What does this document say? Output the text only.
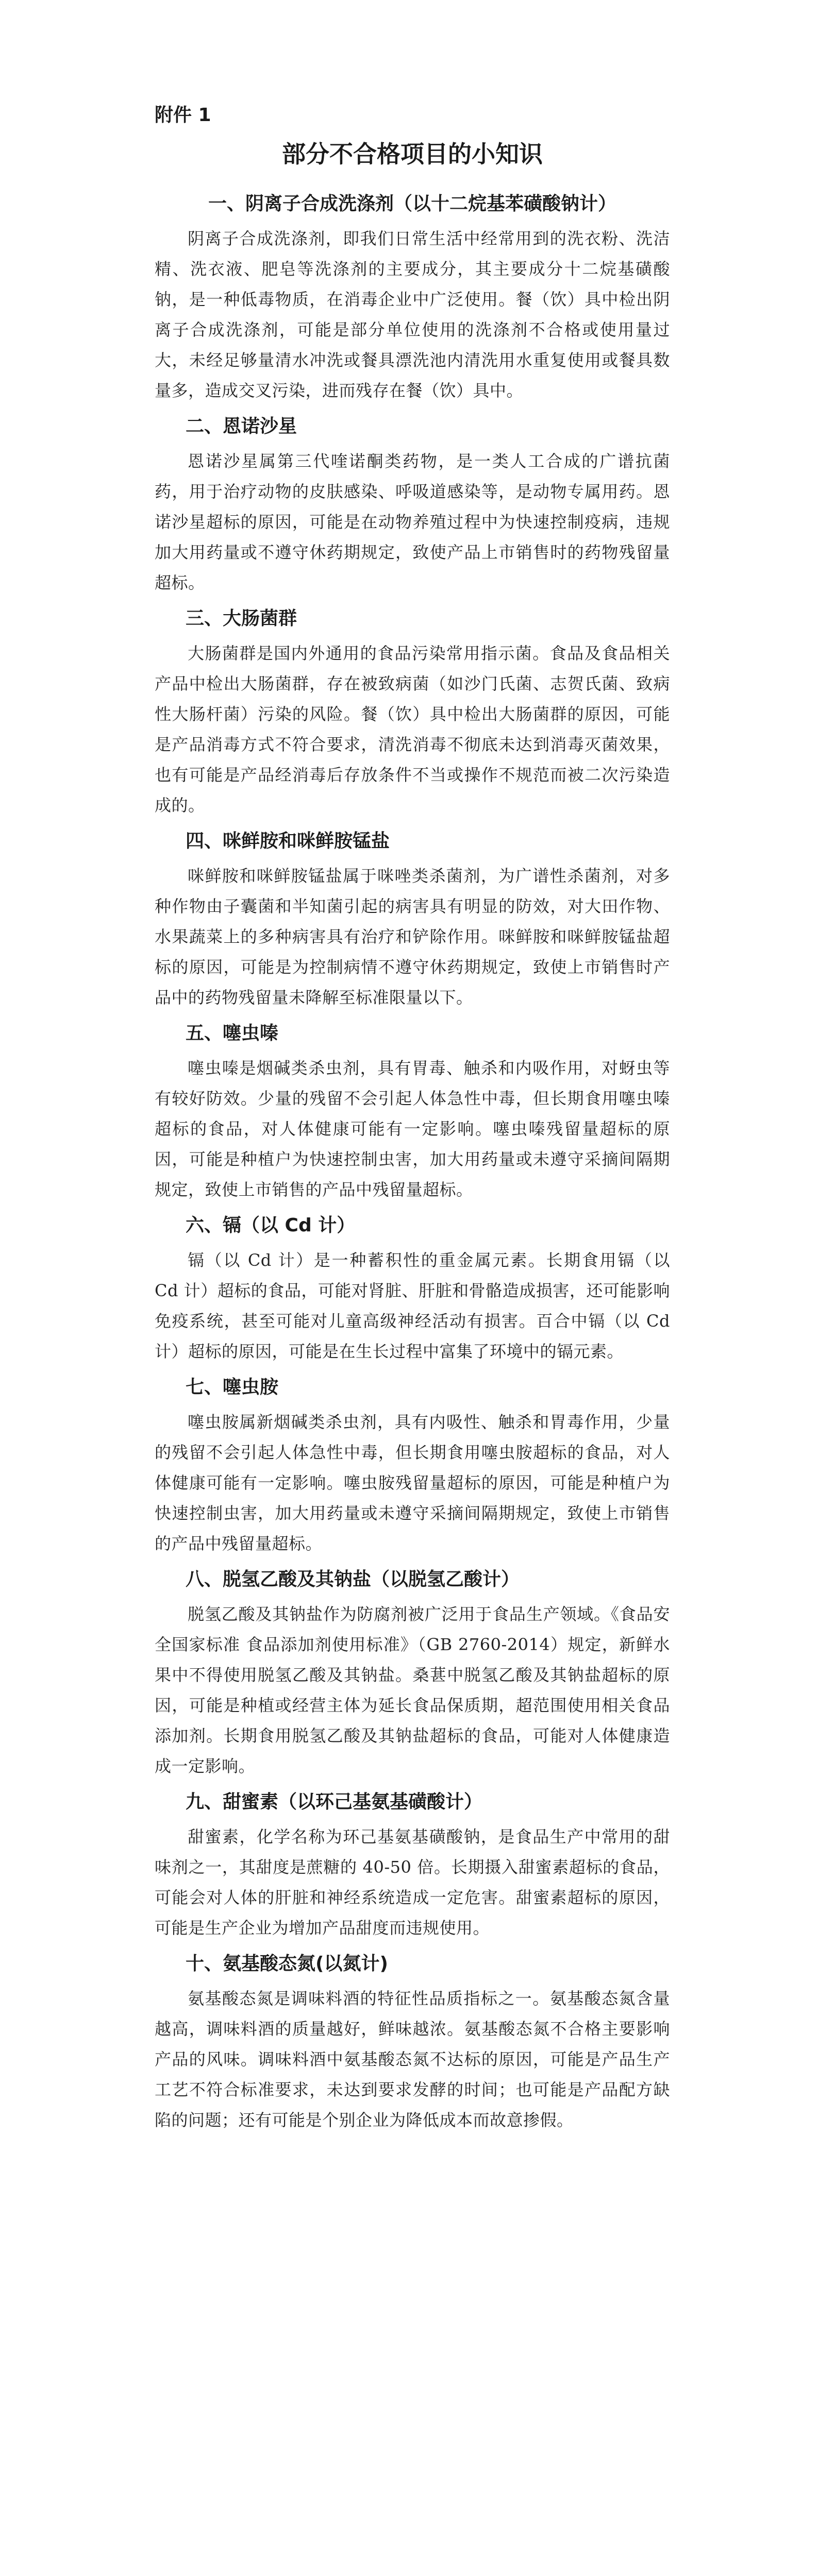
附件 1
部分不合格项目的小知识
一、阴离子合成洗涤剂（以十二烷基苯磺酸钠计）

阴离子合成洗涤剂，即我们日常生活中经常用到的洗衣粉、洗洁精、洗衣液、肥皂等洗涤剂的主要成分，其主要成分十二烷基磺酸钠，是一种低毒物质，在消毒企业中广泛使用。餐（饮）具中检出阴离子合成洗涤剂，可能是部分单位使用的洗涤剂不合格或使用量过大，未经足够量清水冲洗或餐具漂洗池内清洗用水重复使用或餐具数量多，造成交叉污染，进而残存在餐（饮）具中。

二、恩诺沙星

恩诺沙星属第三代喹诺酮类药物，是一类人工合成的广谱抗菌药，用于治疗动物的皮肤感染、呼吸道感染等，是动物专属用药。恩诺沙星超标的原因，可能是在动物养殖过程中为快速控制疫病，违规加大用药量或不遵守休药期规定，致使产品上市销售时的药物残留量超标。

三、大肠菌群

大肠菌群是国内外通用的食品污染常用指示菌。食品及食品相关产品中检出大肠菌群，存在被致病菌（如沙门氏菌、志贺氏菌、致病性大肠杆菌）污染的风险。餐（饮）具中检出大肠菌群的原因，可能是产品消毒方式不符合要求，清洗消毒不彻底未达到消毒灭菌效果，也有可能是产品经消毒后存放条件不当或操作不规范而被二次污染造成的。

四、咪鲜胺和咪鲜胺锰盐

咪鲜胺和咪鲜胺锰盐属于咪唑类杀菌剂，为广谱性杀菌剂，对多种作物由子囊菌和半知菌引起的病害具有明显的防效，对大田作物、水果蔬菜上的多种病害具有治疗和铲除作用。咪鲜胺和咪鲜胺锰盐超标的原因，可能是为控制病情不遵守休药期规定，致使上市销售时产品中的药物残留量未降解至标准限量以下。

五、噻虫嗪

噻虫嗪是烟碱类杀虫剂，具有胃毒、触杀和内吸作用，对蚜虫等有较好防效。少量的残留不会引起人体急性中毒，但长期食用噻虫嗪超标的食品，对人体健康可能有一定影响。噻虫嗪残留量超标的原因，可能是种植户为快速控制虫害，加大用药量或未遵守采摘间隔期规定，致使上市销售的产品中残留量超标。

六、镉（以 Cd 计）

镉（以 Cd 计）是一种蓄积性的重金属元素。长期食用镉（以 Cd 计）超标的食品，可能对肾脏、肝脏和骨骼造成损害，还可能影响免疫系统，甚至可能对儿童高级神经活动有损害。百合中镉（以 Cd 计）超标的原因，可能是在生长过程中富集了环境中的镉元素。

七、噻虫胺

噻虫胺属新烟碱类杀虫剂，具有内吸性、触杀和胃毒作用，少量的残留不会引起人体急性中毒，但长期食用噻虫胺超标的食品，对人体健康可能有一定影响。噻虫胺残留量超标的原因，可能是种植户为快速控制虫害，加大用药量或未遵守采摘间隔期规定，致使上市销售的产品中残留量超标。

八、脱氢乙酸及其钠盐（以脱氢乙酸计）

脱氢乙酸及其钠盐作为防腐剂被广泛用于食品生产领域。《食品安全国家标准 食品添加剂使用标准》（GB 2760-2014）规定，新鲜水果中不得使用脱氢乙酸及其钠盐。桑葚中脱氢乙酸及其钠盐超标的原因，可能是种植或经营主体为延长食品保质期，超范围使用相关食品添加剂。长期食用脱氢乙酸及其钠盐超标的食品，可能对人体健康造成一定影响。

九、甜蜜素（以环己基氨基磺酸计）

甜蜜素，化学名称为环己基氨基磺酸钠，是食品生产中常用的甜味剂之一，其甜度是蔗糖的 40-50 倍。长期摄入甜蜜素超标的食品，可能会对人体的肝脏和神经系统造成一定危害。甜蜜素超标的原因，可能是生产企业为增加产品甜度而违规使用。

十、氨基酸态氮(以氮计)

氨基酸态氮是调味料酒的特征性品质指标之一。氨基酸态氮含量越高，调味料酒的质量越好，鲜味越浓。氨基酸态氮不合格主要影响产品的风味。调味料酒中氨基酸态氮不达标的原因，可能是产品生产工艺不符合标准要求，未达到要求发酵的时间；也可能是产品配方缺陷的问题；还有可能是个别企业为降低成本而故意掺假。
